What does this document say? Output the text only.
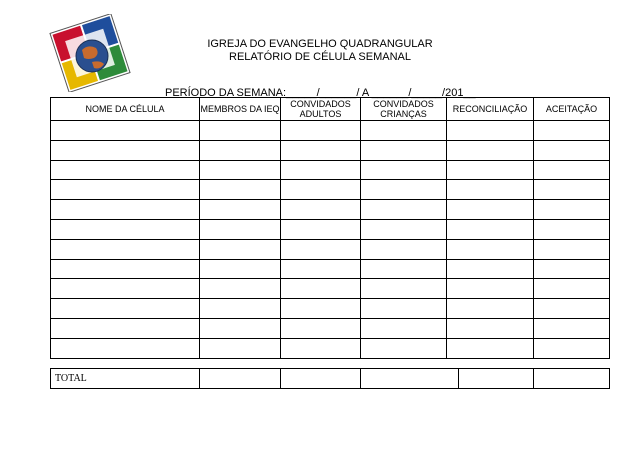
IGREJA DO EVANGELHO QUADRANGULAR
RELATÓRIO DE CÉLULA SEMANAL
PERÍODO DA SEMANA:_____/______/ A ______/_____/201__
NOME DA CÉLULA	MEMBROS DA IEQ	CONVIDADOS ADULTOS	CONVIDADOS CRIANÇAS	RECONCILIAÇÃO	ACEITAÇÃO

TOTAL					
